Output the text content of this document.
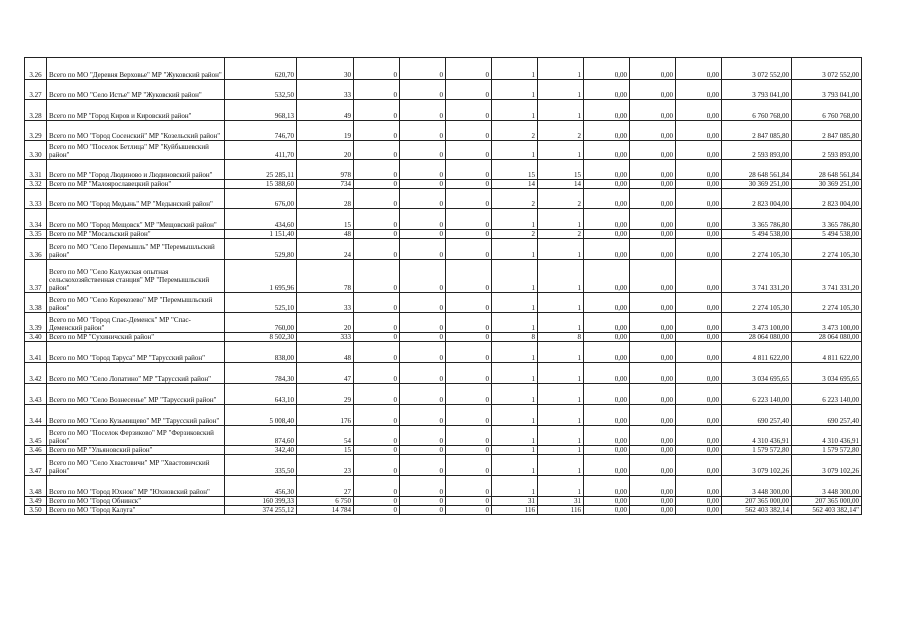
3.26	Всего по МО "Деревня Верховье" МР "Жуковский район"	620,70	30	0	0	0	1	1	0,00	0,00	0,00	3 072 552,00	3 072 552,00
3.27	Всего по МО "Село Истье" МР "Жуковский район"	532,50	33	0	0	0	1	1	0,00	0,00	0,00	3 793 041,00	3 793 041,00
3.28	Всего по МР "Город Киров и Кировский район"	968,13	49	0	0	0	1	1	0,00	0,00	0,00	6 760 768,00	6 760 768,00
3.29	Всего по МО "Город Сосенский" МР "Козельский район"	746,70	19	0	0	0	2	2	0,00	0,00	0,00	2 847 085,80	2 847 085,80
3.30	Всего по МО "Поселок Бетлица" МР "Куйбышевский район"	411,70	20	0	0	0	1	1	0,00	0,00	0,00	2 593 893,00	2 593 893,00
3.31	Всего по МР "Город Людиново и Людиновский район"	25 285,11	978	0	0	0	15	15	0,00	0,00	0,00	28 648 561,84	28 648 561,84
3.32	Всего по МР "Малоярославецкий район"	15 388,60	734	0	0	0	14	14	0,00	0,00	0,00	30 369 251,00	30 369 251,00
3.33	Всего по МО "Город Медынь" МР "Медынский район"	676,00	28	0	0	0	2	2	0,00	0,00	0,00	2 823 004,00	2 823 004,00
3.34	Всего по МО "Город Мещовск" МР "Мещовский район"	434,60	15	0	0	0	1	1	0,00	0,00	0,00	3 365 786,80	3 365 786,80
3.35	Всего по МР "Мосальский район"	1 151,40	48	0	0	0	2	2	0,00	0,00	0,00	5 494 538,00	5 494 538,00
3.36	Всего по МО "Село Перемышль" МР "Перемышльский район"	529,80	24	0	0	0	1	1	0,00	0,00	0,00	2 274 105,30	2 274 105,30
3.37	Всего по МО "Село Калужская опытная сельскохозяйственная станция" МР "Перемышльский район"	1 695,96	78	0	0	0	1	1	0,00	0,00	0,00	3 741 331,20	3 741 331,20
3.38	Всего по МО "Село Корекозево" МР "Перемышльский район"	525,10	33	0	0	0	1	1	0,00	0,00	0,00	2 274 105,30	2 274 105,30
3.39	Всего по МО "Город Спас-Деменск" МР "Спас-Деменский район"	760,00	20	0	0	0	1	1	0,00	0,00	0,00	3 473 100,00	3 473 100,00
3.40	Всего по МР "Сухиничский район"	8 502,30	333	0	0	0	8	8	0,00	0,00	0,00	28 064 080,00	28 064 080,00
3.41	Всего по МО "Город Таруса" МР "Тарусский район"	838,00	48	0	0	0	1	1	0,00	0,00	0,00	4 811 622,00	4 811 622,00
3.42	Всего по МО "Село Лопатино" МР "Тарусский район"	784,30	47	0	0	0	1	1	0,00	0,00	0,00	3 034 695,65	3 034 695,65
3.43	Всего по МО "Село Вознесенье" МР "Тарусский район"	643,10	29	0	0	0	1	1	0,00	0,00	0,00	6 223 140,00	6 223 140,00
3.44	Всего по МО "Село Кузьмищево" МР "Тарусский район"	5 008,40	176	0	0	0	1	1	0,00	0,00	0,00	690 257,40	690 257,40
3.45	Всего по МО "Поселок Ферзиково" МР "Ферзиковский район"	874,60	54	0	0	0	1	1	0,00	0,00	0,00	4 310 436,91	4 310 436,91
3.46	Всего по МР "Ульяновский район"	342,40	15	0	0	0	1	1	0,00	0,00	0,00	1 579 572,80	1 579 572,80
3.47	Всего по МО "Село Хвастовичи" МР "Хвастовичский район"	335,50	23	0	0	0	1	1	0,00	0,00	0,00	3 079 102,26	3 079 102,26
3.48	Всего по МО "Город Юхнов" МР "Юхновский район"	456,30	27	0	0	0	1	1	0,00	0,00	0,00	3 448 300,00	3 448 300,00
3.49	Всего по МО "Город Обнинск"	160 399,33	6 750	0	0	0	31	31	0,00	0,00	0,00	207 365 000,00	207 365 000,00
3.50	Всего по МО "Город Калуга"	374 255,12	14 784	0	0	0	116	116	0,00	0,00	0,00	562 403 382,14	562 403 382,14"
